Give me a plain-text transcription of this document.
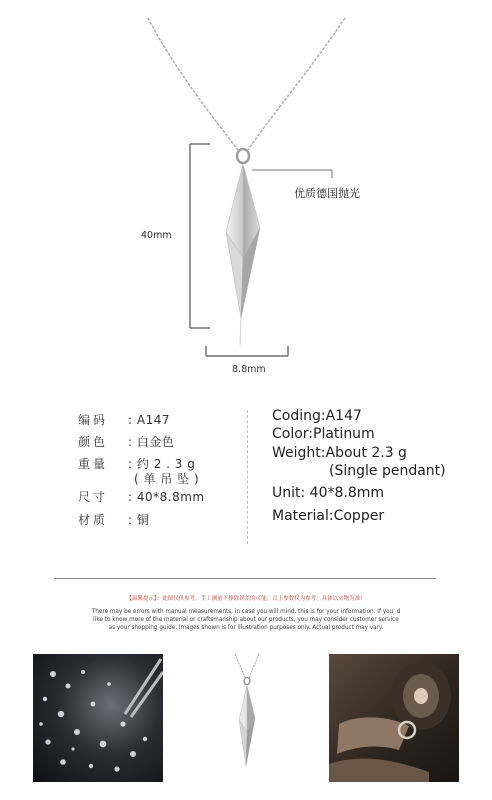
40mm
8.8mm
优质德国抛光
编码 : A147
颜色 : 白金色
重量 : 约 2 . 3 g
( 单 吊 坠 )
尺寸 : 40*8.8mm
材质 : 铜
Coding:A147
Color:Platinum
Weight:About 2.3 g
(Single pendant)
Unit: 40*8.8mm
Material:Copper
【温馨提示】：此图仅供参考，手工测量不排除误差的可能，以上参数仅为参考，具体以实物为准！
There may be errors with manual measurements, in case you will mind, this is for your information. If you' d
like to know more of the material or craftsmanship about our products, you may consider customer service
as your shopping guide. Images shown is for illustration purposes only. Actual product may vary.
